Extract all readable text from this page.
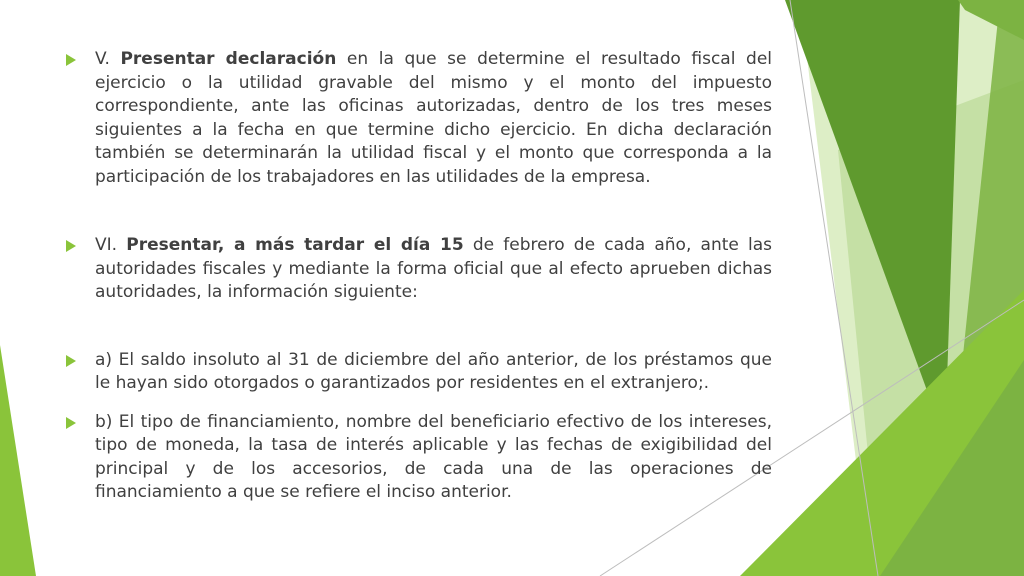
V. Presentar declaración en la que se determine el resultado fiscal del ejercicio o la utilidad gravable del mismo y el monto del impuesto correspondiente, ante las oficinas autorizadas, dentro de los tres meses siguientes a la fecha en que termine dicho ejercicio. En dicha declaración también se determinarán la utilidad fiscal y el monto que corresponda a la participación de los trabajadores en las utilidades de la empresa.
VI. Presentar, a más tardar el día 15 de febrero de cada año, ante las autoridades fiscales y mediante la forma oficial que al efecto aprueben dichas autoridades, la información siguiente:
a) El saldo insoluto al 31 de diciembre del año anterior, de los préstamos que le hayan sido otorgados o garantizados por residentes en el extranjero;.
b) El tipo de financiamiento, nombre del beneficiario efectivo de los intereses, tipo de moneda, la tasa de interés aplicable y las fechas de exigibilidad del principal y de los accesorios, de cada una de las operaciones de financiamiento a que se refiere el inciso anterior.
